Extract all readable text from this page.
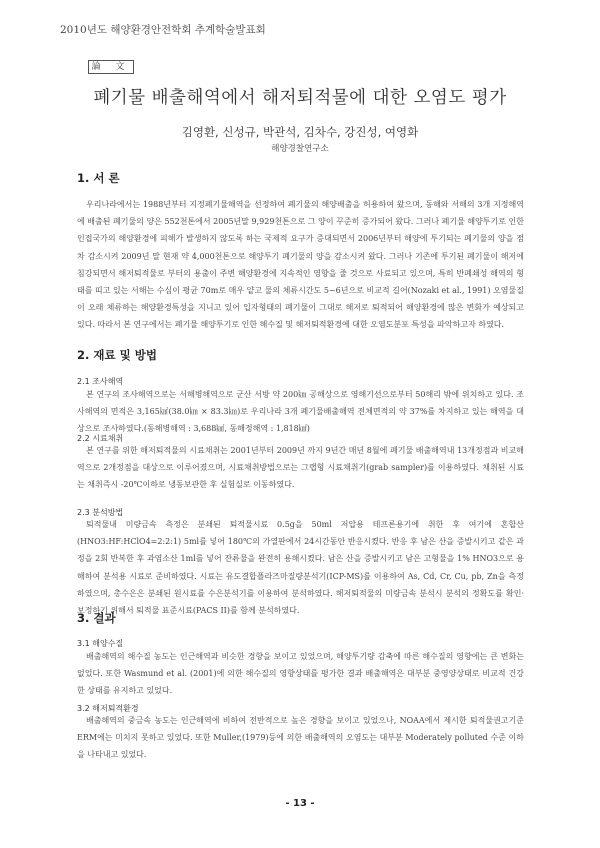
2010년도 해양환경안전학회 추계학술발표회
論 文
폐기물 배출해역에서 해저퇴적물에 대한 오염도 평가
김영환, 신성규, 박관석, 김차수, 강진성, 여영화
해양경찰연구소
1. 서 론

우리나라에서는 1988년부터 지정폐기물해역을 선정하여 폐기물의 해양배출을 허용하여 왔으며, 동해와 서해의 3개 지정해역에 배출된 폐기물의 양은 552천톤에서 2005년말 9,929천톤으로 그 양이 꾸준히 증가되어 왔다. 그러나 폐기물 해양투기로 인한 인접국가의 해양환경에 피해가 발생하지 않도록 하는 국제적 요구가 증대되면서 2006년부터 해양에 투기되는 폐기물의 양을 점차 감소시켜 2009년 말 현재 약 4,000천톤으로 해양투기 폐기물의 양을 감소시켜 왔다. 그러나 기존에 투기된 폐기물이 해저에 침강되면서 해저퇴적물로 부터의 용출이 주변 해양환경에 지속적인 영향을 줄 것으로 사료되고 있으며, 특히 반폐쇄성 해역의 형태를 띠고 있는 서해는 수심이 평균 70m로 매우 얕고 물의 체류시간도 5~6년으로 비교적 길어(Nozaki et al., 1991) 오염물질이 오래 체류하는 해양환경특성을 지니고 있어 입자형태의 폐기물이 그대로 해저로 퇴적되어 해양환경에 많은 변화가 예상되고 있다. 따라서 본 연구에서는 폐기물 해양투기로 인한 해수질 및 해저퇴적환경에 대한 오염도분포 특성을 파악하고자 하였다.

2. 재료 및 방법
2.1 조사해역

본 연구의 조사해역으로는 서해병해역으로 군산 서방 약 200㎞ 공해상으로 영해기선으로부터 50해리 밖에 위치하고 있다. 조사해역의 면적은 3,165㎢(38.0㎞ × 83.3㎞)로 우리나라 3개 폐기물배출해역 전체면적의 약 37%를 차지하고 있는 해역을 대상으로 조사하였다.(동해병해역 : 3,688㎢, 동해정해역 : 1,818㎢)

2.2 시료채취

본 연구를 위한 해저퇴적물의 시료채취는 2001년부터 2009년 까지 9년간 매년 8월에 폐기물 배출해역내 13개정점과 비교해역으로 2개정점을 대상으로 이루어졌으며, 시료채취방법으로는 그랩형 시료채취기(grab sampler)를 이용하였다. 채취된 시료는 채취즉시 -20℃이하로 냉동보관한 후 실험실로 이동하였다.

2.3 분석방법

퇴적물내 미량금속 측정은 분쇄된 퇴적물시료 0.5g을 50ml 저압용 테프론용기에 취한 후 여기에 혼합산(HNO3:HF:HClO4=2:2:1) 5ml를 넣어 180℃의 가열판에서 24시간동안 반응시켰다. 반응 후 남은 산을 증발시키고 같은 과정을 2회 반복한 후 과염소산 1ml를 넣어 잔류물을 완전히 용해시켰다. 남은 산을 증발시키고 남은 고형물을 1% HNO3으로 용해하여 분석용 시료로 준비하였다. 시료는 유도결합플라즈마질량분석기(ICP-MS)를 이용하여 As, Cd, Cr, Cu, pb, Zn을 측정하였으며, 총수은은 분쇄된 원시료를 수은분석기를 이용하여 분석하였다. 해저퇴적물의 미량금속 분석시 분석의 정확도를 확인·보정하기 위해서 퇴적물 표준시료(PACS II)를 함께 분석하였다.

3. 결과
3.1 해양수질

배출해역의 해수질 농도는 인근해역과 비슷한 경향을 보이고 있었으며, 해양투기량 감축에 따른 해수질의 영향에는 큰 변화는 없었다. 또한 Wasmund et al. (2001)에 의한 해수질의 영향상태를 평가한 결과 배출해역은 대부분 중영양상태로 비교적 건강한 상태를 유지하고 있었다.

3.2 해저퇴적환경

배출해역의 중금속 농도는 인근해역에 비하여 전반적으로 높은 경향을 보이고 있었으나, NOAA에서 제시한 퇴적물권고기준 ERM에는 미치지 못하고 있었다. 또한 Muller,(1979)등에 의한 배출해역의 오염도는 대부분 Moderately polluted 수준 이하을 나타내고 있었다.

- 13 -
